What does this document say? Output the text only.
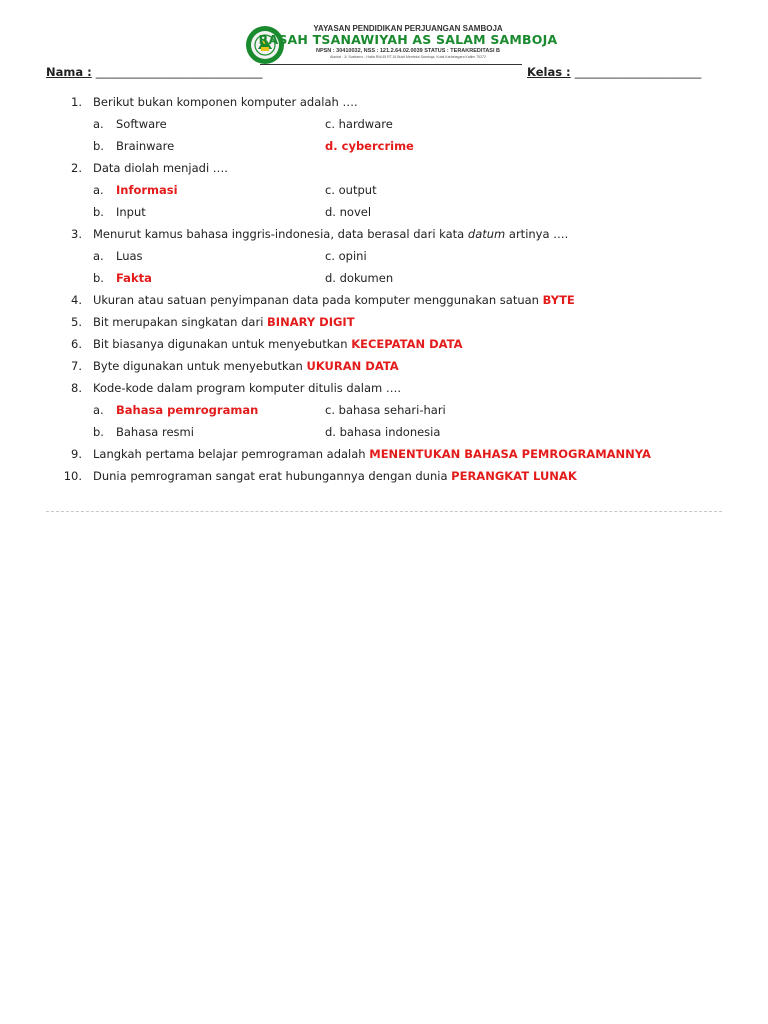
YAYASAN PENDIDIKAN PERJUANGAN SAMBOJA
RASAH TSANAWIYAH AS SALAM SAMBOJA
NPSN : 30410032, NSS : 121.2.64.02.0039 STATUS : TERAKREDITASI B
Alamat : Jl. Soekarno - Hatta RW.45 RT.15 Bukit Merdeka Samboja, Kutai Kartanegara Kaltim 75272
Nama : _____________________________	Kelas : ______________________
1. Berikut bukan komponen komputer adalah ….
a. Software	c. hardware
b. Brainware	d. cybercrime
2. Data diolah menjadi ….
a. Informasi	c. output
b. Input	d. novel
3. Menurut kamus bahasa inggris-indonesia, data berasal dari kata datum artinya ….
a. Luas	c. opini
b. Fakta	d. dokumen
4. Ukuran atau satuan penyimpanan data pada komputer menggunakan satuan BYTE
5. Bit merupakan singkatan dari BINARY DIGIT
6. Bit biasanya digunakan untuk menyebutkan KECEPATAN DATA
7. Byte digunakan untuk menyebutkan UKURAN DATA
8. Kode-kode dalam program komputer ditulis dalam ….
a. Bahasa pemrograman	c. bahasa sehari-hari
b. Bahasa resmi	d. bahasa indonesia
9. Langkah pertama belajar pemrograman adalah MENENTUKAN BAHASA PEMROGRAMANNYA
10. Dunia pemrograman sangat erat hubungannya dengan dunia PERANGKAT LUNAK
